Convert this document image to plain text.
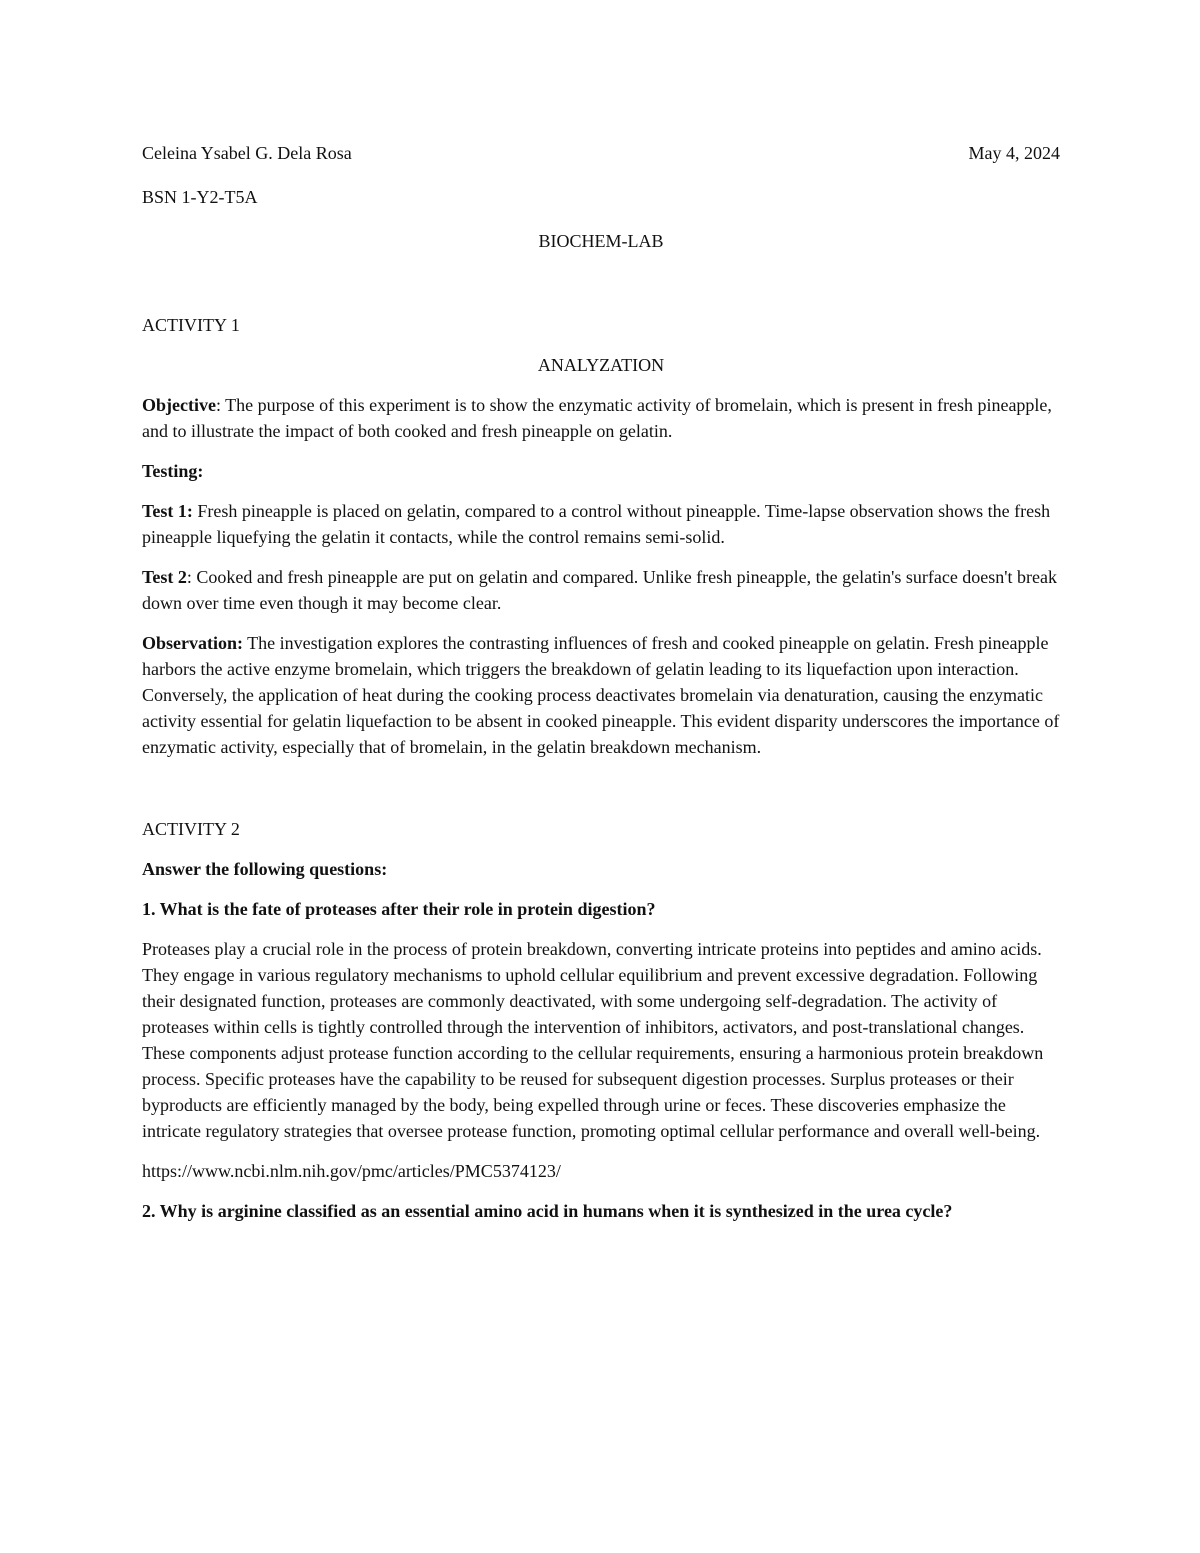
Celeina Ysabel G. Dela Rosa	May 4, 2024

BSN 1-Y2-T5A

BIOCHEM-LAB

ACTIVITY 1

ANALYZATION

Objective: The purpose of this experiment is to show the enzymatic activity of bromelain, which is present in fresh pineapple, and to illustrate the impact of both cooked and fresh pineapple on gelatin.

Testing:

Test 1: Fresh pineapple is placed on gelatin, compared to a control without pineapple. Time-lapse observation shows the fresh pineapple liquefying the gelatin it contacts, while the control remains semi-solid.

Test 2: Cooked and fresh pineapple are put on gelatin and compared. Unlike fresh pineapple, the gelatin's surface doesn't break down over time even though it may become clear.

Observation: The investigation explores the contrasting influences of fresh and cooked pineapple on gelatin. Fresh pineapple harbors the active enzyme bromelain, which triggers the breakdown of gelatin leading to its liquefaction upon interaction. Conversely, the application of heat during the cooking process deactivates bromelain via denaturation, causing the enzymatic activity essential for gelatin liquefaction to be absent in cooked pineapple. This evident disparity underscores the importance of enzymatic activity, especially that of bromelain, in the gelatin breakdown mechanism.

ACTIVITY 2

Answer the following questions:

1. What is the fate of proteases after their role in protein digestion?

Proteases play a crucial role in the process of protein breakdown, converting intricate proteins into peptides and amino acids. They engage in various regulatory mechanisms to uphold cellular equilibrium and prevent excessive degradation. Following their designated function, proteases are commonly deactivated, with some undergoing self-degradation. The activity of proteases within cells is tightly controlled through the intervention of inhibitors, activators, and post-translational changes. These components adjust protease function according to the cellular requirements, ensuring a harmonious protein breakdown process. Specific proteases have the capability to be reused for subsequent digestion processes. Surplus proteases or their byproducts are efficiently managed by the body, being expelled through urine or feces. These discoveries emphasize the intricate regulatory strategies that oversee protease function, promoting optimal cellular performance and overall well-being.

https://www.ncbi.nlm.nih.gov/pmc/articles/PMC5374123/

2. Why is arginine classified as an essential amino acid in humans when it is synthesized in the urea cycle?
